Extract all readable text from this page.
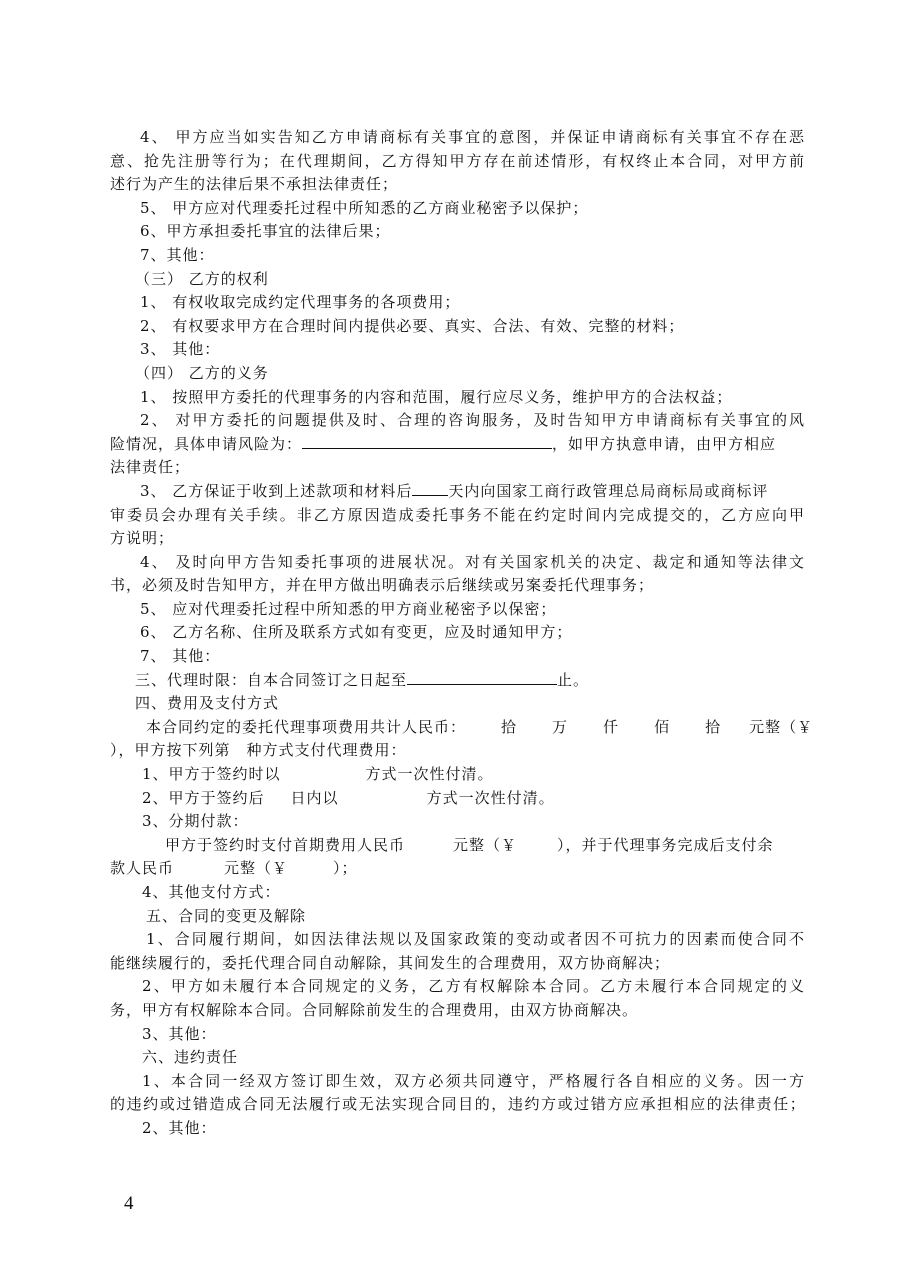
4、 甲方应当如实告知乙方申请商标有关事宜的意图，并保证申请商标有关事宜不存在恶

意、抢先注册等行为；在代理期间，乙方得知甲方存在前述情形，有权终止本合同，对甲方前

述行为产生的法律后果不承担法律责任；

5、 甲方应对代理委托过程中所知悉的乙方商业秘密予以保护；

6、甲方承担委托事宜的法律后果；

7、其他：

（三） 乙方的权利

1、 有权收取完成约定代理事务的各项费用；

2、 有权要求甲方在合理时间内提供必要、真实、合法、有效、完整的材料；

3、 其他：

（四） 乙方的义务

1、 按照甲方委托的代理事务的内容和范围，履行应尽义务，维护甲方的合法权益；

2、 对甲方委托的问题提供及时、合理的咨询服务，及时告知甲方申请商标有关事宜的风

险情况，具体申请风险为：	，如甲方执意申请，由甲方相应

法律责任；

3、 乙方保证于收到上述款项和材料后 天内向国家工商行政管理总局商标局或商标评

审委员会办理有关手续。非乙方原因造成委托事务不能在约定时间内完成提交的，乙方应向甲

方说明；

4、 及时向甲方告知委托事项的进展状况。对有关国家机关的决定、裁定和通知等法律文

书，必须及时告知甲方，并在甲方做出明确表示后继续或另案委托代理事务；

5、 应对代理委托过程中所知悉的甲方商业秘密予以保密；

6、 乙方名称、住所及联系方式如有变更，应及时通知甲方；

7、 其他：

三、代理时限：自本合同签订之日起至	止。

四、费用及支付方式

本合同约定的委托代理事项费用共计人民币： 拾 万 仟 佰 拾 元整（￥

），甲方按下列第 种方式支付代理费用：

1、甲方于签约时以	方式一次性付清。

2、甲方于签约后 日内以	方式一次性付清。

3、分期付款：

甲方于签约时支付首期费用人民币	元整（￥	），并于代理事务完成后支付余

款人民币	元整（￥	）；

4、其他支付方式：

五、合同的变更及解除

1、合同履行期间，如因法律法规以及国家政策的变动或者因不可抗力的因素而使合同不

能继续履行的，委托代理合同自动解除，其间发生的合理费用，双方协商解决；

2、甲方如未履行本合同规定的义务，乙方有权解除本合同。乙方未履行本合同规定的义

务，甲方有权解除本合同。合同解除前发生的合理费用，由双方协商解决。

3、其他：

六、违约责任

1、本合同一经双方签订即生效，双方必须共同遵守，严格履行各自相应的义务。因一方

的违约或过错造成合同无法履行或无法实现合同目的，违约方或过错方应承担相应的法律责任；

2、其他：

4
